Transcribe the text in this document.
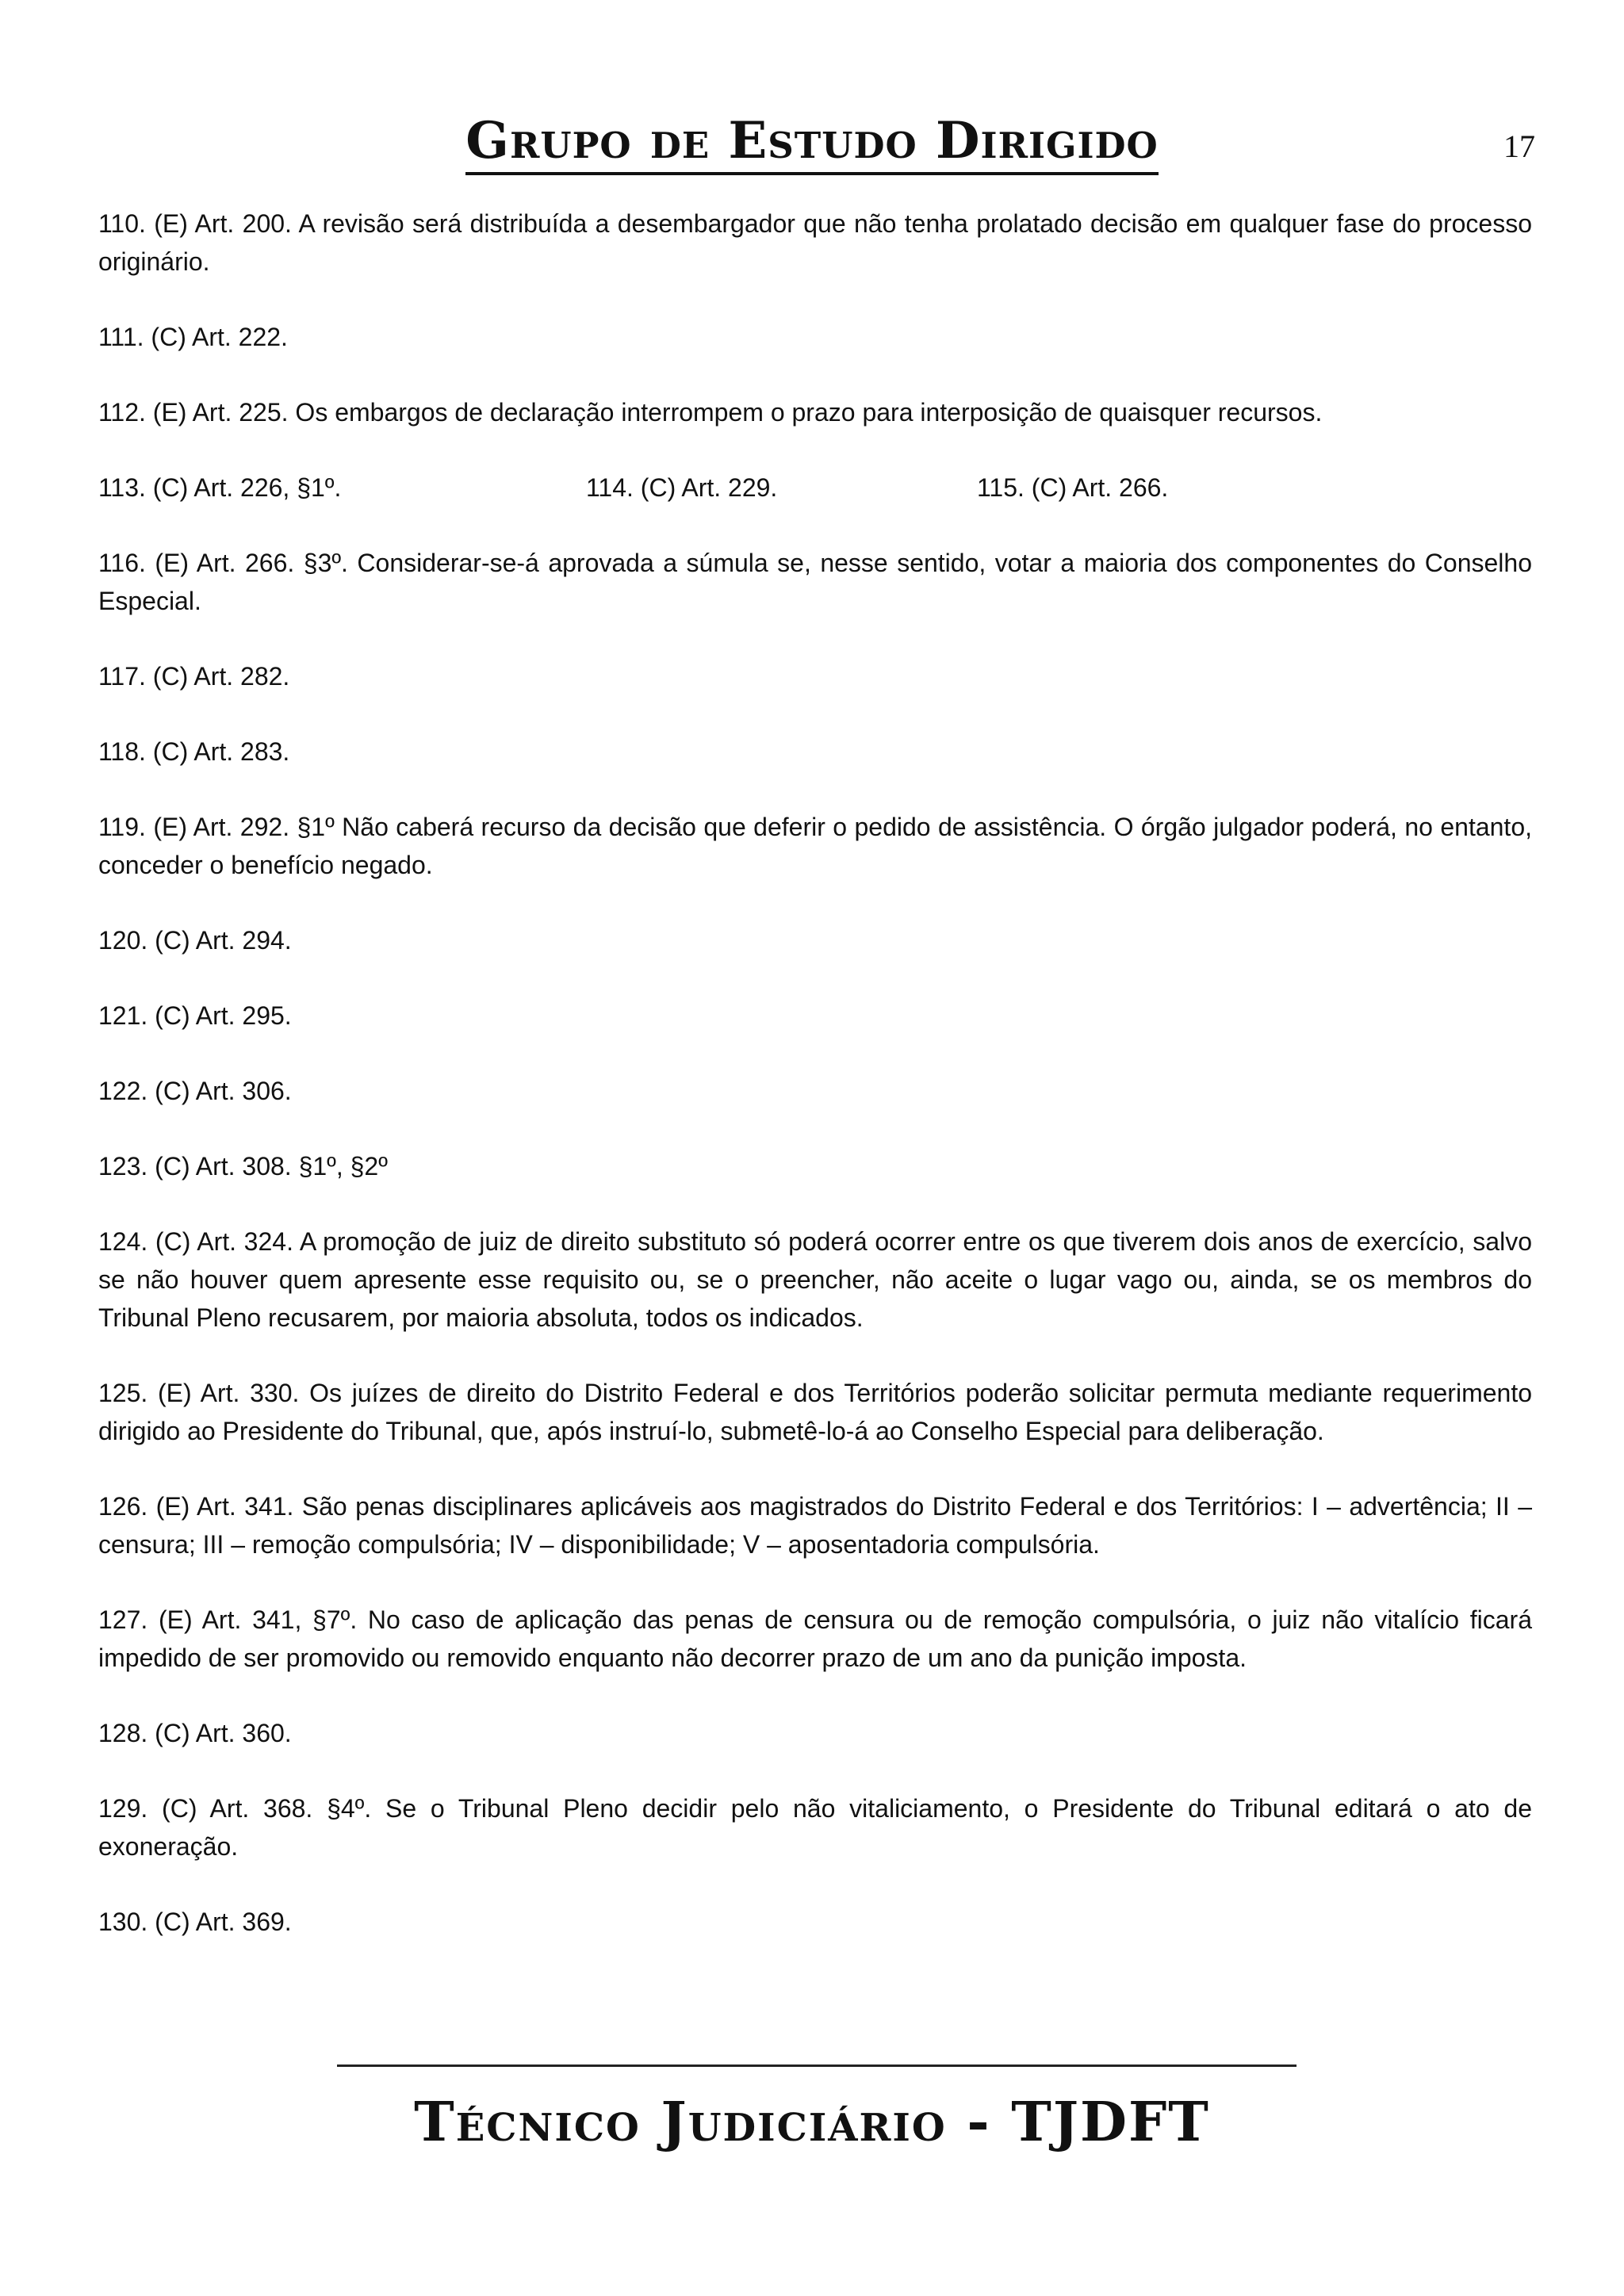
Grupo de Estudo Dirigido	17

110. (E) Art. 200. A revisão será distribuída a desembargador que não tenha prolatado decisão em qualquer fase do processo originário.

111. (C) Art. 222.

112. (E) Art. 225. Os embargos de declaração interrompem o prazo para interposição de quaisquer recursos.

113. (C) Art. 226, §1º.	114. (C) Art. 229.	115. (C) Art. 266.

116. (E) Art. 266. §3º. Considerar-se-á aprovada a súmula se, nesse sentido, votar a maioria dos componentes do Conselho Especial.

117. (C) Art. 282.

118. (C) Art. 283.

119. (E) Art. 292. §1º Não caberá recurso da decisão que deferir o pedido de assistência. O órgão julgador poderá, no entanto, conceder o benefício negado.

120. (C) Art. 294.

121. (C) Art. 295.

122. (C) Art. 306.

123. (C) Art. 308. §1º, §2º

124. (C) Art. 324. A promoção de juiz de direito substituto só poderá ocorrer entre os que tiverem dois anos de exercício, salvo se não houver quem apresente esse requisito ou, se o preencher, não aceite o lugar vago ou, ainda, se os membros do Tribunal Pleno recusarem, por maioria absoluta, todos os indicados.

125. (E) Art. 330. Os juízes de direito do Distrito Federal e dos Territórios poderão solicitar permuta mediante requerimento dirigido ao Presidente do Tribunal, que, após instruí-lo, submetê-lo-á ao Conselho Especial para deliberação.

126. (E) Art. 341. São penas disciplinares aplicáveis aos magistrados do Distrito Federal e dos Territórios: I – advertência; II – censura; III – remoção compulsória; IV – disponibilidade; V – aposentadoria compulsória.

127. (E) Art. 341, §7º. No caso de aplicação das penas de censura ou de remoção compulsória, o juiz não vitalício ficará impedido de ser promovido ou removido enquanto não decorrer prazo de um ano da punição imposta.

128. (C) Art. 360.

129. (C) Art. 368. §4º. Se o Tribunal Pleno decidir pelo não vitaliciamento, o Presidente do Tribunal editará o ato de exoneração.

130. (C) Art. 369.

Técnico Judiciário - TJDFT
